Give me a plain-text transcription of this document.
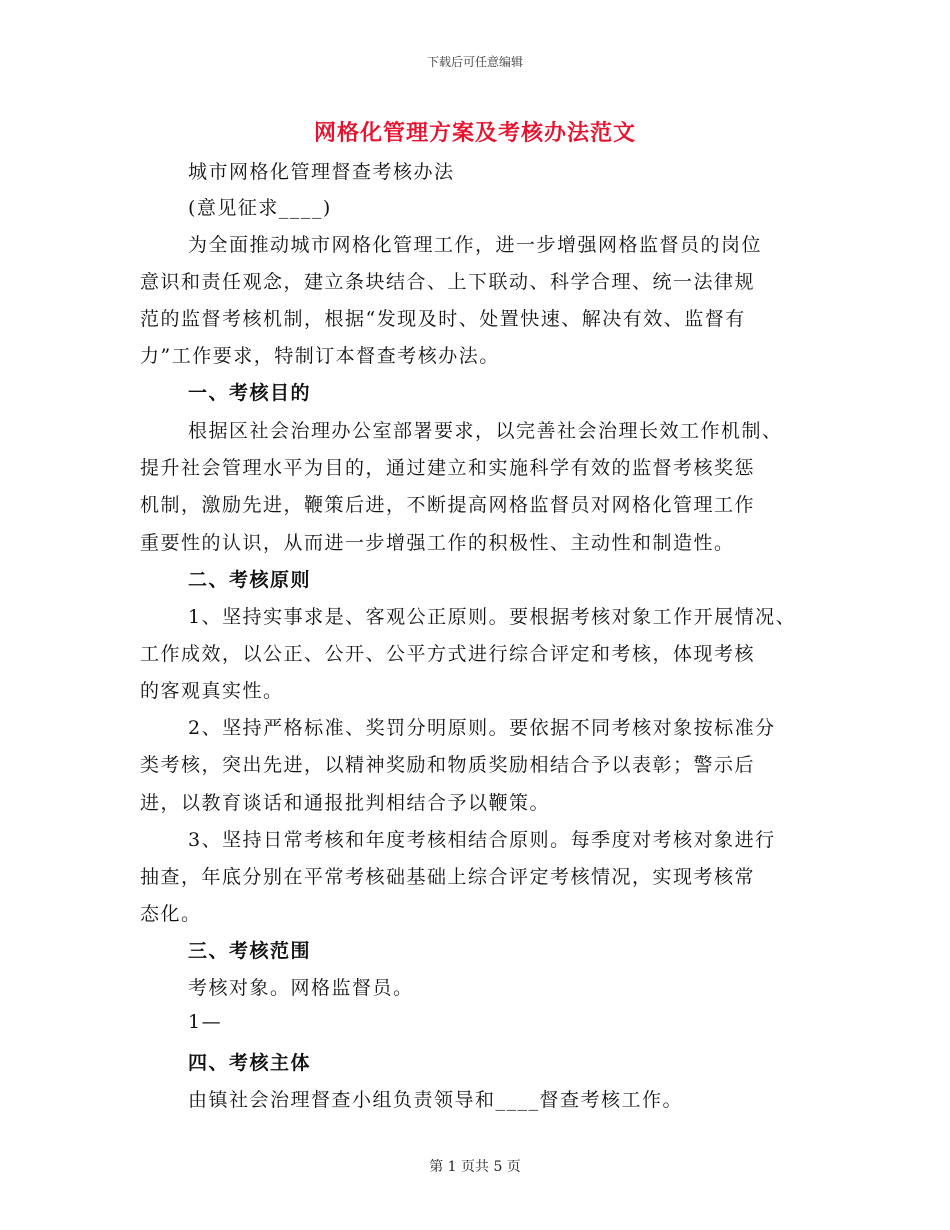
下载后可任意编辑
网格化管理方案及考核办法范文
城市网格化管理督查考核办法
(意见征求____)
为全面推动城市网格化管理工作，进一步增强网格监督员的岗位
意识和责任观念，建立条块结合、上下联动、科学合理、统一法律规
范的监督考核机制，根据“发现及时、处置快速、解决有效、监督有
力”工作要求，特制订本督查考核办法。
一、考核目的
根据区社会治理办公室部署要求，以完善社会治理长效工作机制、
提升社会管理水平为目的，通过建立和实施科学有效的监督考核奖惩
机制，激励先进，鞭策后进，不断提高网格监督员对网格化管理工作
重要性的认识，从而进一步增强工作的积极性、主动性和制造性。
二、考核原则
1、坚持实事求是、客观公正原则。要根据考核对象工作开展情况、
工作成效，以公正、公开、公平方式进行综合评定和考核，体现考核
的客观真实性。
2、坚持严格标准、奖罚分明原则。要依据不同考核对象按标准分
类考核，突出先进，以精神奖励和物质奖励相结合予以表彰；警示后
进，以教育谈话和通报批判相结合予以鞭策。
3、坚持日常考核和年度考核相结合原则。每季度对考核对象进行
抽查，年底分别在平常考核础基础上综合评定考核情况，实现考核常
态化。
三、考核范围
考核对象。网格监督员。
1—
四、考核主体
由镇社会治理督查小组负责领导和____督查考核工作。
第 1 页共 5 页
